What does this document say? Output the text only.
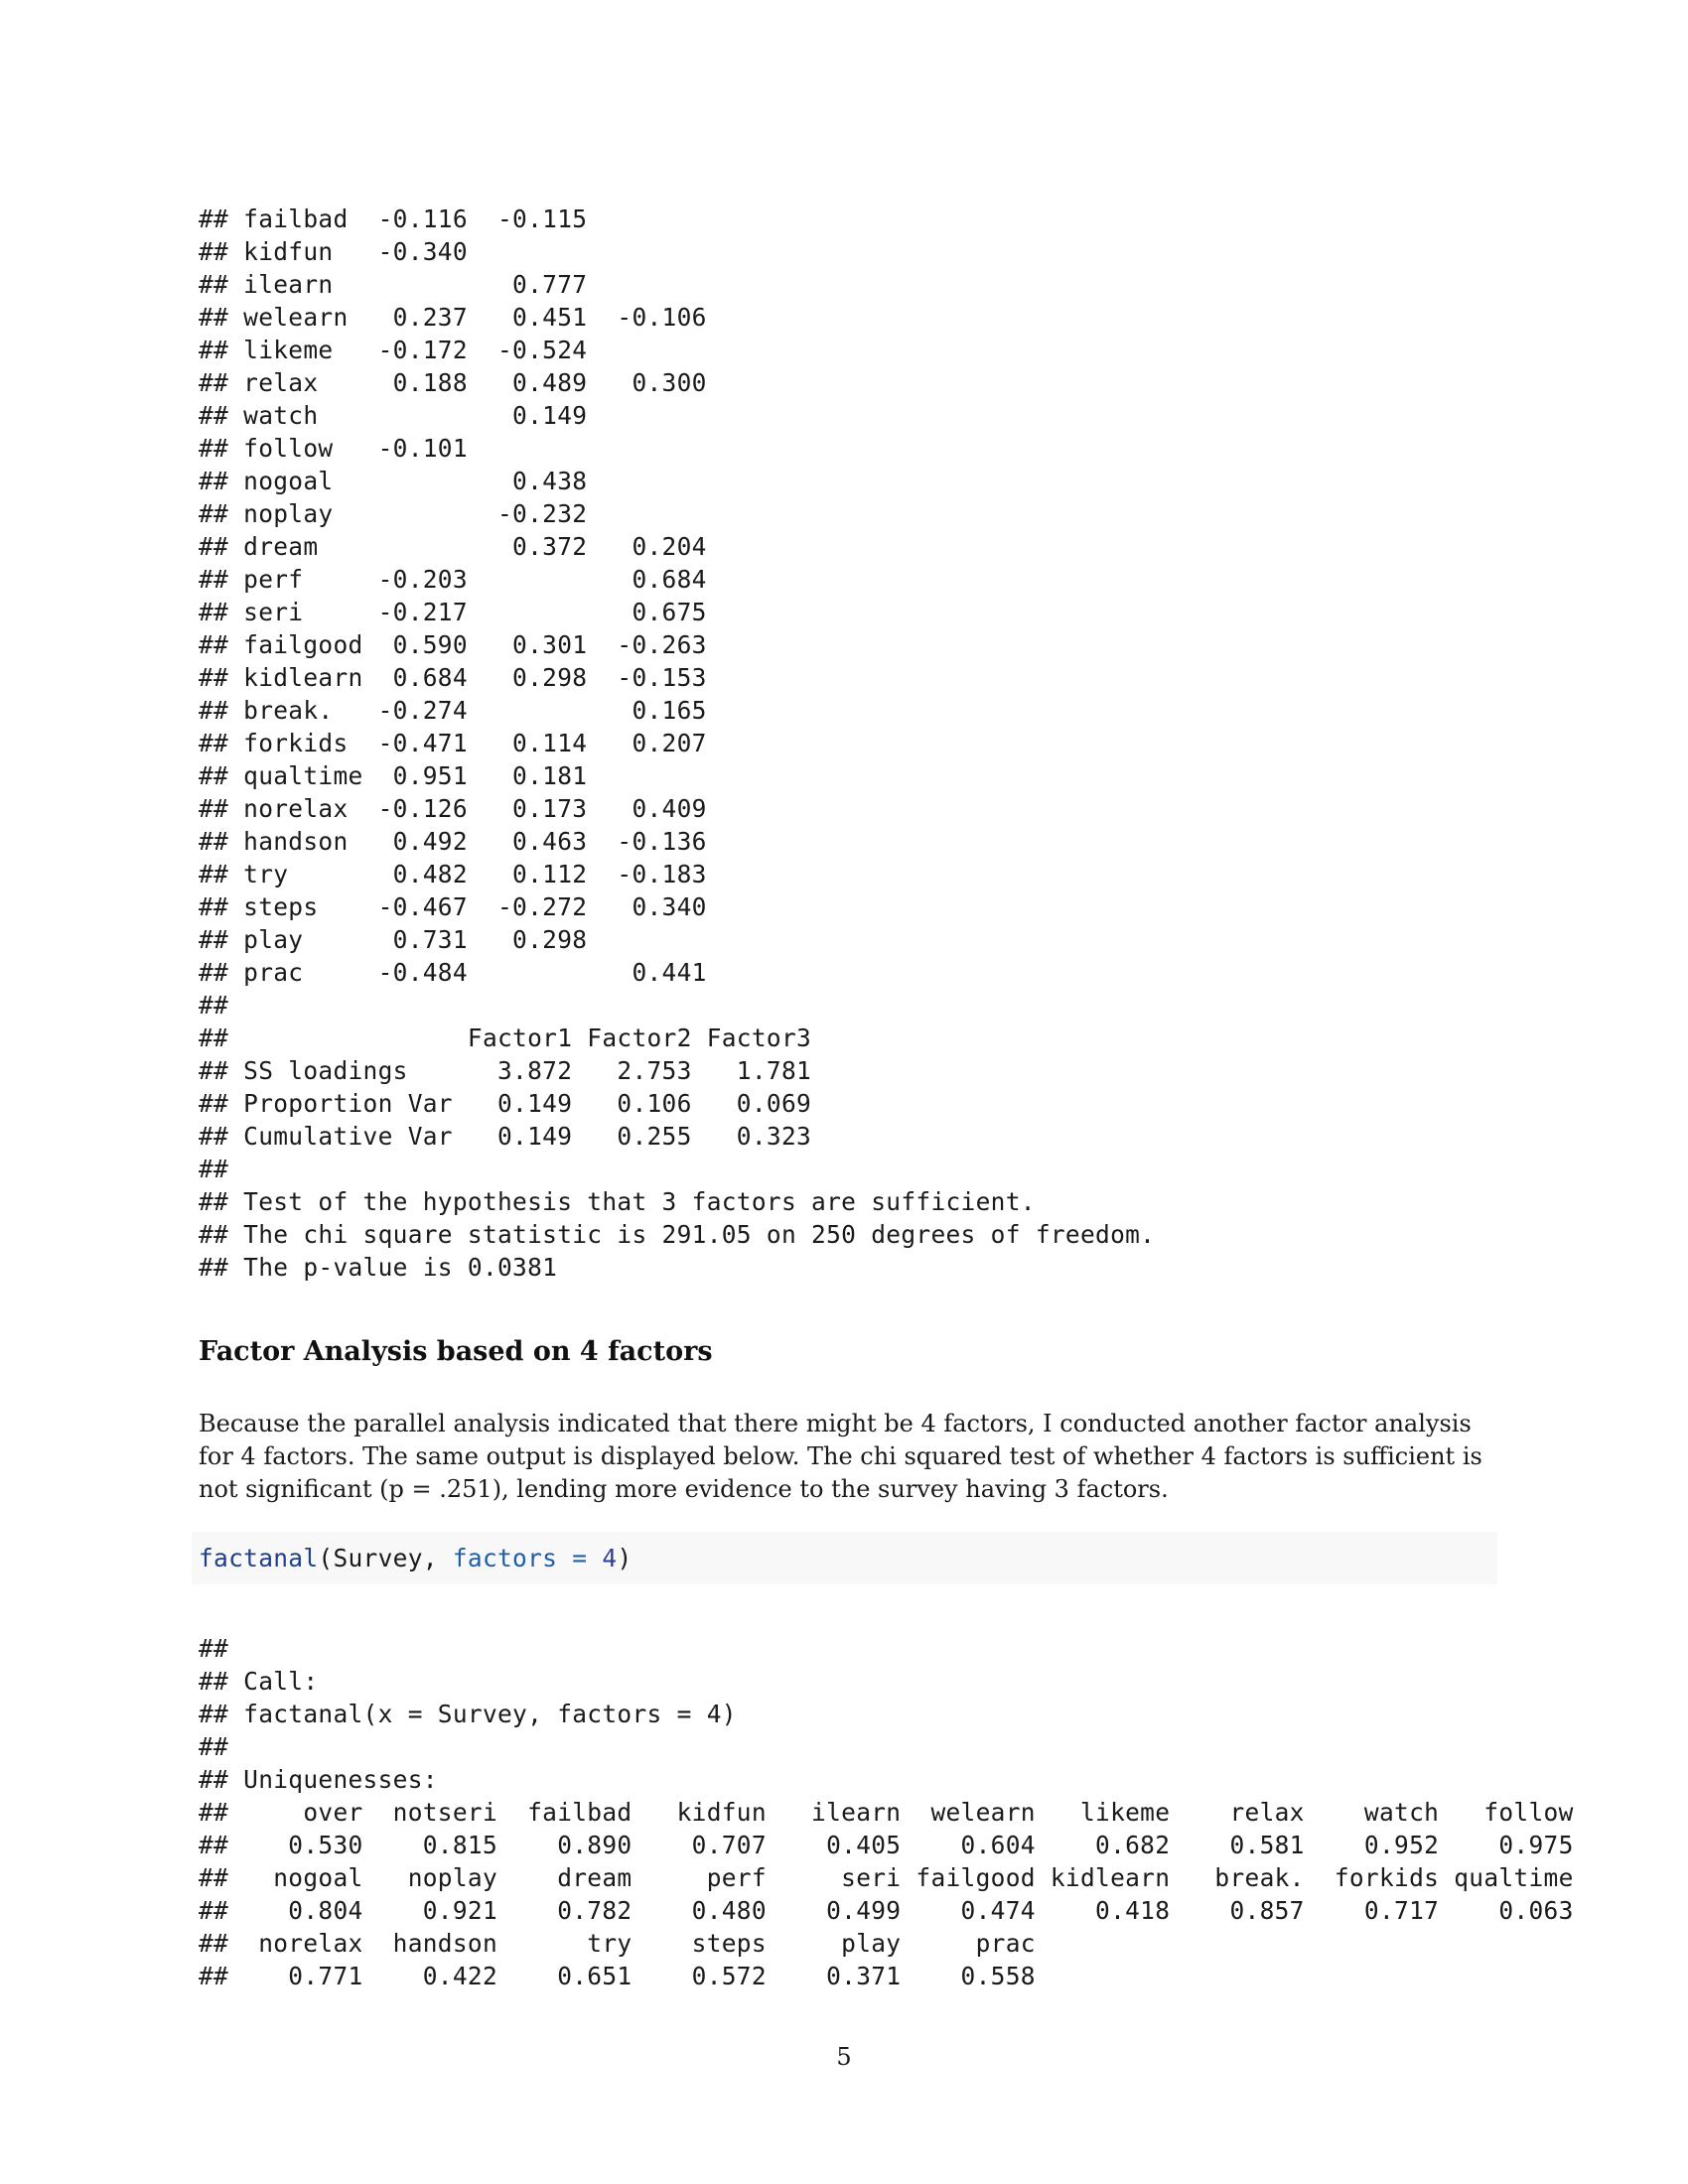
## failbad  -0.116  -0.115
## kidfun   -0.340
## ilearn            0.777
## welearn   0.237   0.451  -0.106
## likeme   -0.172  -0.524
## relax     0.188   0.489   0.300
## watch             0.149
## follow   -0.101
## nogoal            0.438
## noplay           -0.232
## dream             0.372   0.204
## perf     -0.203           0.684
## seri     -0.217           0.675
## failgood  0.590   0.301  -0.263
## kidlearn  0.684   0.298  -0.153
## break.   -0.274           0.165
## forkids  -0.471   0.114   0.207
## qualtime  0.951   0.181
## norelax  -0.126   0.173   0.409
## handson   0.492   0.463  -0.136
## try       0.482   0.112  -0.183
## steps    -0.467  -0.272   0.340
## play      0.731   0.298
## prac     -0.484           0.441
##
##                Factor1 Factor2 Factor3
## SS loadings      3.872   2.753   1.781
## Proportion Var   0.149   0.106   0.069
## Cumulative Var   0.149   0.255   0.323
##
## Test of the hypothesis that 3 factors are sufficient.
## The chi square statistic is 291.05 on 250 degrees of freedom.
## The p-value is 0.0381
Factor Analysis based on 4 factors

Because the parallel analysis indicated that there might be 4 factors, I conducted another factor analysis for 4 factors. The same output is displayed below. The chi squared test of whether 4 factors is sufficient is not significant (p = .251), lending more evidence to the survey having 3 factors.

factanal(Survey, factors = 4)
##
## Call:
## factanal(x = Survey, factors = 4)
##
## Uniquenesses:
##     over  notseri  failbad   kidfun   ilearn  welearn   likeme    relax    watch   follow
##    0.530    0.815    0.890    0.707    0.405    0.604    0.682    0.581    0.952    0.975
##   nogoal   noplay    dream     perf     seri failgood kidlearn   break.  forkids qualtime
##    0.804    0.921    0.782    0.480    0.499    0.474    0.418    0.857    0.717    0.063
##  norelax  handson      try    steps     play     prac
##    0.771    0.422    0.651    0.572    0.371    0.558
5
